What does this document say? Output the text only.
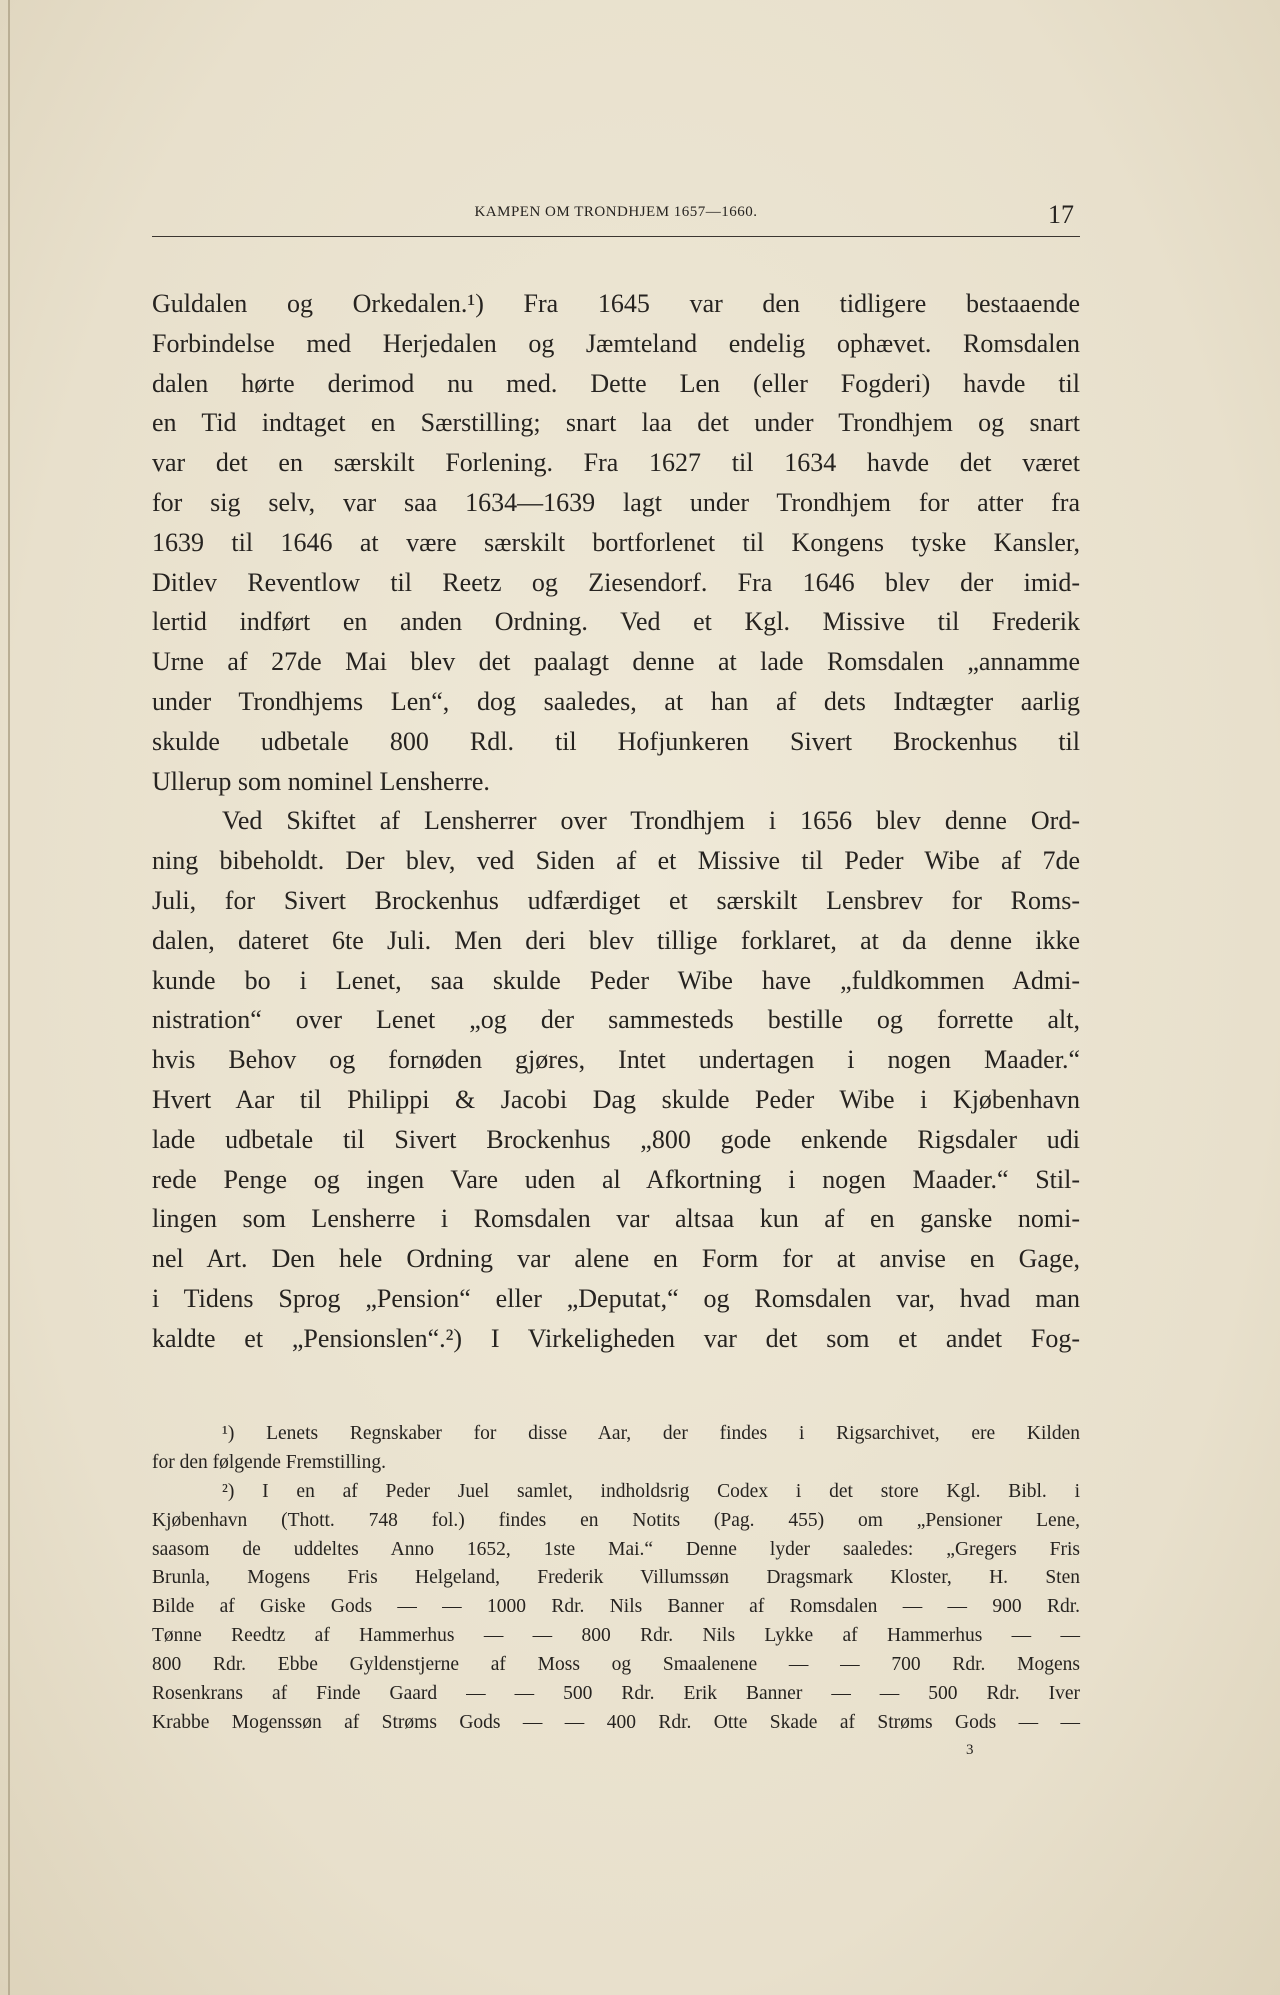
KAMPEN OM TRONDHJEM 1657—1660.	17
Guldalen og Orkedalen.¹) Fra 1645 var den tidligere bestaaende
Forbindelse med Herjedalen og Jæmteland endelig ophævet. Romsdalen
dalen hørte derimod nu med. Dette Len (eller Fogderi) havde til
en Tid indtaget en Særstilling; snart laa det under Trondhjem og snart
var det en særskilt Forlening. Fra 1627 til 1634 havde det været
for sig selv, var saa 1634—1639 lagt under Trondhjem for atter fra
1639 til 1646 at være særskilt bortforlenet til Kongens tyske Kansler,
Ditlev Reventlow til Reetz og Ziesendorf. Fra 1646 blev der imid-
lertid indført en anden Ordning. Ved et Kgl. Missive til Frederik
Urne af 27de Mai blev det paalagt denne at lade Romsdalen „annamme
under Trondhjems Len“, dog saaledes, at han af dets Indtægter aarlig
skulde udbetale 800 Rdl. til Hofjunkeren Sivert Brockenhus til
Ullerup som nominel Lensherre.
Ved Skiftet af Lensherrer over Trondhjem i 1656 blev denne Ord-
ning bibeholdt. Der blev, ved Siden af et Missive til Peder Wibe af 7de
Juli, for Sivert Brockenhus udfærdiget et særskilt Lensbrev for Roms-
dalen, dateret 6te Juli. Men deri blev tillige forklaret, at da denne ikke
kunde bo i Lenet, saa skulde Peder Wibe have „fuldkommen Admi-
nistration“ over Lenet „og der sammesteds bestille og forrette alt,
hvis Behov og fornøden gjøres, Intet undertagen i nogen Maader.“
Hvert Aar til Philippi & Jacobi Dag skulde Peder Wibe i Kjøbenhavn
lade udbetale til Sivert Brockenhus „800 gode enkende Rigsdaler udi
rede Penge og ingen Vare uden al Afkortning i nogen Maader.“ Stil-
lingen som Lensherre i Romsdalen var altsaa kun af en ganske nomi-
nel Art. Den hele Ordning var alene en Form for at anvise en Gage,
i Tidens Sprog „Pension“ eller „Deputat,“ og Romsdalen var, hvad man
kaldte et „Pensionslen“.²) I Virkeligheden var det som et andet Fog-
¹) Lenets Regnskaber for disse Aar, der findes i Rigsarchivet, ere Kilden
for den følgende Fremstilling.
²) I en af Peder Juel samlet, indholdsrig Codex i det store Kgl. Bibl. i
Kjøbenhavn (Thott. 748 fol.) findes en Notits (Pag. 455) om „Pensioner Lene,
saasom de uddeltes Anno 1652, 1ste Mai.“ Denne lyder saaledes: „Gregers Fris
Brunla, Mogens Fris Helgeland, Frederik Villumssøn Dragsmark Kloster, H. Sten
Bilde af Giske Gods — — 1000 Rdr. Nils Banner af Romsdalen — — 900 Rdr.
Tønne Reedtz af Hammerhus — — 800 Rdr. Nils Lykke af Hammerhus — —
800 Rdr. Ebbe Gyldenstjerne af Moss og Smaalenene — — 700 Rdr. Mogens
Rosenkrans af Finde Gaard — — 500 Rdr. Erik Banner — — 500 Rdr. Iver
Krabbe Mogenssøn af Strøms Gods — — 400 Rdr. Otte Skade af Strøms Gods — —
3
